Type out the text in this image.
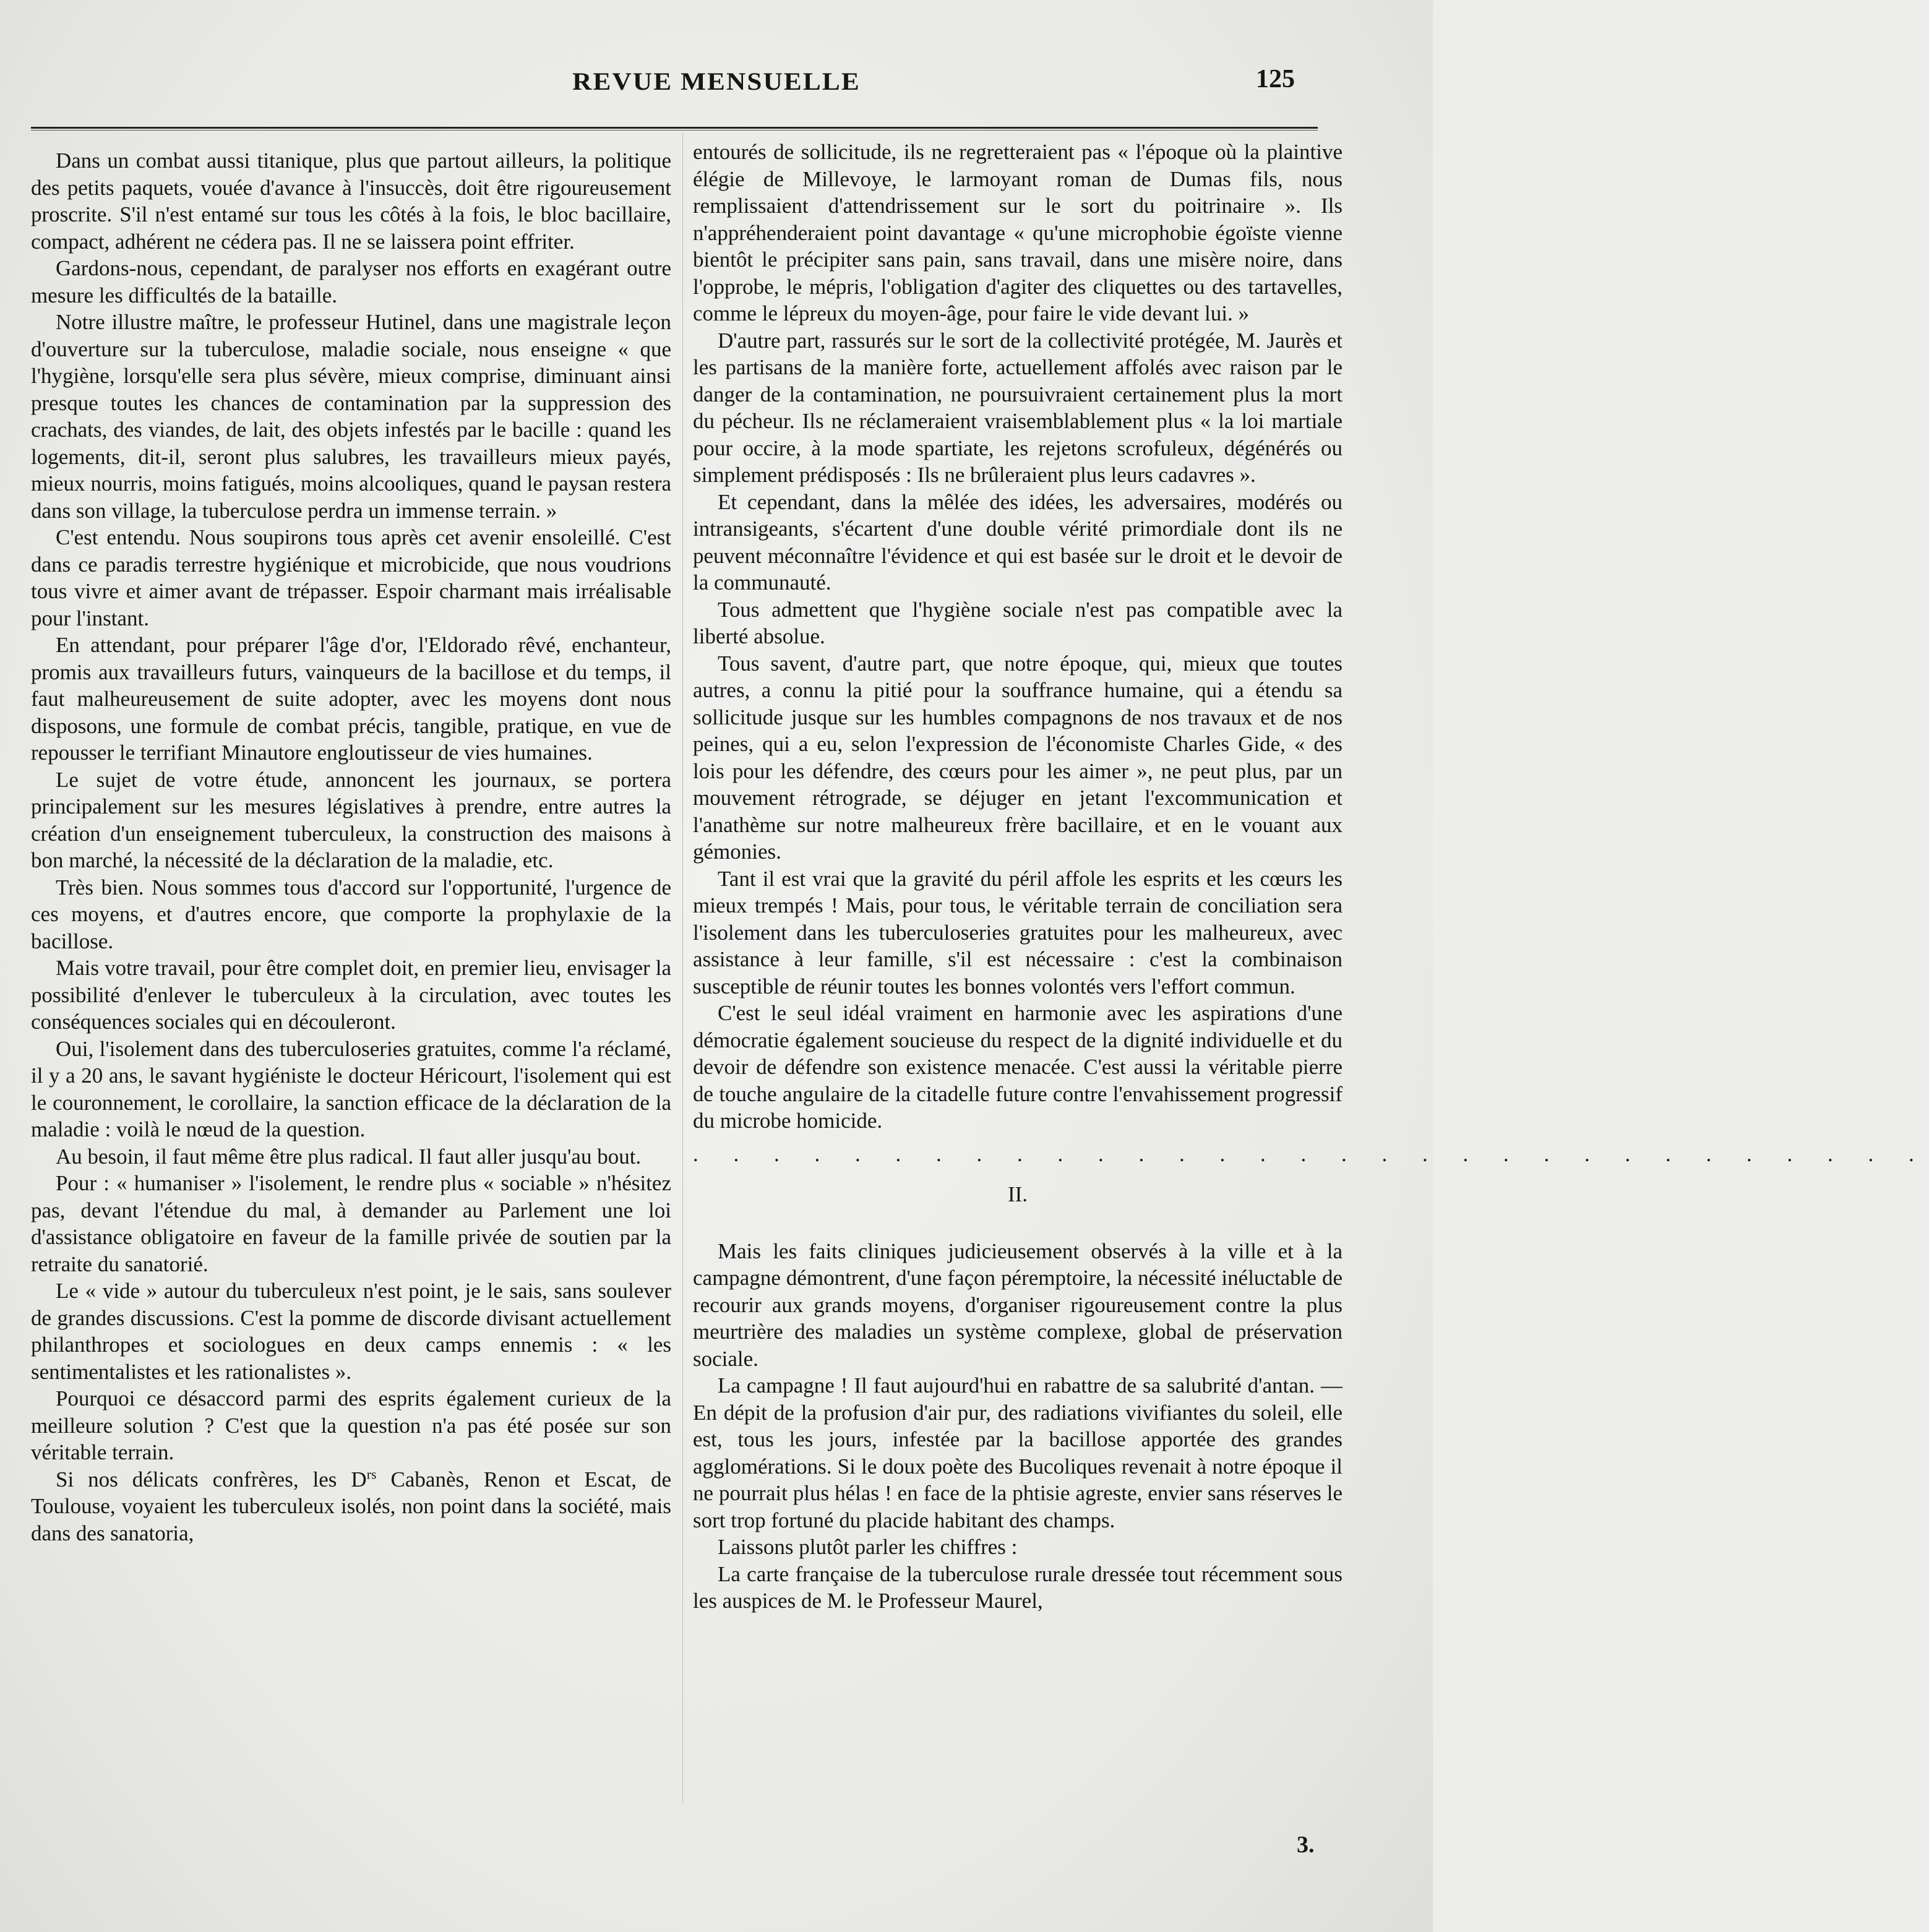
REVUE MENSUELLE	125

Dans un combat aussi titanique, plus que partout ailleurs, la politique des petits paquets, vouée d'avance à l'insuccès, doit être rigoureusement proscrite. S'il n'est entamé sur tous les côtés à la fois, le bloc bacillaire, compact, adhérent ne cédera pas. Il ne se laissera point effriter.

Gardons-nous, cependant, de paralyser nos efforts en exagérant outre mesure les difficultés de la bataille.

Notre illustre maître, le professeur Hutinel, dans une magistrale leçon d'ouverture sur la tuberculose, maladie sociale, nous enseigne « que l'hygiène, lorsqu'elle sera plus sévère, mieux comprise, diminuant ainsi presque toutes les chances de contamination par la suppression des crachats, des viandes, de lait, des objets infestés par le bacille : quand les logements, dit-il, seront plus salubres, les travailleurs mieux payés, mieux nourris, moins fatigués, moins alcooliques, quand le paysan restera dans son village, la tuberculose perdra un immense terrain. »

C'est entendu. Nous soupirons tous après cet avenir ensoleillé. C'est dans ce paradis terrestre hygiénique et microbicide, que nous voudrions tous vivre et aimer avant de trépasser. Espoir charmant mais irréalisable pour l'instant.

En attendant, pour préparer l'âge d'or, l'Eldorado rêvé, enchanteur, promis aux travailleurs futurs, vainqueurs de la bacillose et du temps, il faut malheureusement de suite adopter, avec les moyens dont nous disposons, une formule de combat précis, tangible, pratique, en vue de repousser le terrifiant Minautore engloutisseur de vies humaines.

Le sujet de votre étude, annoncent les journaux, se portera principalement sur les mesures législatives à prendre, entre autres la création d'un enseignement tuberculeux, la construction des maisons à bon marché, la nécessité de la déclaration de la maladie, etc.

Très bien. Nous sommes tous d'accord sur l'opportunité, l'urgence de ces moyens, et d'autres encore, que comporte la prophylaxie de la bacillose.

Mais votre travail, pour être complet doit, en premier lieu, envisager la possibilité d'enlever le tuberculeux à la circulation, avec toutes les conséquences sociales qui en découleront.

Oui, l'isolement dans des tuberculoseries gratuites, comme l'a réclamé, il y a 20 ans, le savant hygiéniste le docteur Héricourt, l'isolement qui est le couronnement, le corollaire, la sanction efficace de la déclaration de la maladie : voilà le nœud de la question.

Au besoin, il faut même être plus radical. Il faut aller jusqu'au bout.

Pour : « humaniser » l'isolement, le rendre plus « sociable » n'hésitez pas, devant l'étendue du mal, à demander au Parlement une loi d'assistance obligatoire en faveur de la famille privée de soutien par la retraite du sanatorié.

Le « vide » autour du tuberculeux n'est point, je le sais, sans soulever de grandes discussions. C'est la pomme de discorde divisant actuellement philanthropes et sociologues en deux camps ennemis : « les sentimentalistes et les rationalistes ».

Pourquoi ce désaccord parmi des esprits également curieux de la meilleure solution ? C'est que la question n'a pas été posée sur son véritable terrain.

Si nos délicats confrères, les $D^{rs}$ Cabanès, Renon et Escat, de Toulouse, voyaient les tuberculeux isolés, non point dans la société, mais dans des sanatoria,

entourés de sollicitude, ils ne regretteraient pas « l'époque où la plaintive élégie de Millevoye, le larmoyant roman de Dumas fils, nous remplissaient d'attendrissement sur le sort du poitrinaire ». Ils n'appréhenderaient point davantage « qu'une microphobie égoïste vienne bientôt le précipiter sans pain, sans travail, dans une misère noire, dans l'opprobe, le mépris, l'obligation d'agiter des cliquettes ou des tartavelles, comme le lépreux du moyen-âge, pour faire le vide devant lui. »

D'autre part, rassurés sur le sort de la collectivité protégée, M. Jaurès et les partisans de la manière forte, actuellement affolés avec raison par le danger de la contamination, ne poursuivraient certainement plus la mort du pécheur. Ils ne réclameraient vraisemblablement plus « la loi martiale pour occire, à la mode spartiate, les rejetons scrofuleux, dégénérés ou simplement prédisposés : Ils ne brûleraient plus leurs cadavres ».

Et cependant, dans la mêlée des idées, les adversaires, modérés ou intransigeants, s'écartent d'une double vérité primordiale dont ils ne peuvent méconnaître l'évidence et qui est basée sur le droit et le devoir de la communauté.

Tous admettent que l'hygiène sociale n'est pas compatible avec la liberté absolue.

Tous savent, d'autre part, que notre époque, qui, mieux que toutes autres, a connu la pitié pour la souffrance humaine, qui a étendu sa sollicitude jusque sur les humbles compagnons de nos travaux et de nos peines, qui a eu, selon l'expression de l'économiste Charles Gide, « des lois pour les défendre, des cœurs pour les aimer », ne peut plus, par un mouvement rétrograde, se déjuger en jetant l'excommunication et l'anathème sur notre malheureux frère bacillaire, et en le vouant aux gémonies.

Tant il est vrai que la gravité du péril affole les esprits et les cœurs les mieux trempés ! Mais, pour tous, le véritable terrain de conciliation sera l'isolement dans les tuberculoseries gratuites pour les malheureux, avec assistance à leur famille, s'il est nécessaire : c'est la combinaison susceptible de réunir toutes les bonnes volontés vers l'effort commun.

C'est le seul idéal vraiment en harmonie avec les aspirations d'une démocratie également soucieuse du respect de la dignité individuelle et du devoir de défendre son existence menacée. C'est aussi la véritable pierre de touche angulaire de la citadelle future contre l'envahissement progressif du microbe homicide.

. . . . . . . . . . . . . . . . . . . . . . . . . . . . . . .

II.

Mais les faits cliniques judicieusement observés à la ville et à la campagne démontrent, d'une façon péremptoire, la nécessité inéluctable de recourir aux grands moyens, d'organiser rigoureusement contre la plus meurtrière des maladies un système complexe, global de préservation sociale.

La campagne ! Il faut aujourd'hui en rabattre de sa salubrité d'antan. — En dépit de la profusion d'air pur, des radiations vivifiantes du soleil, elle est, tous les jours, infestée par la bacillose apportée des grandes agglomérations. Si le doux poète des Bucoliques revenait à notre époque il ne pourrait plus hélas ! en face de la phtisie agreste, envier sans réserves le sort trop fortuné du placide habitant des champs.

Laissons plutôt parler les chiffres :

La carte française de la tuberculose rurale dressée tout récemment sous les auspices de M. le Professeur Maurel,

3.
